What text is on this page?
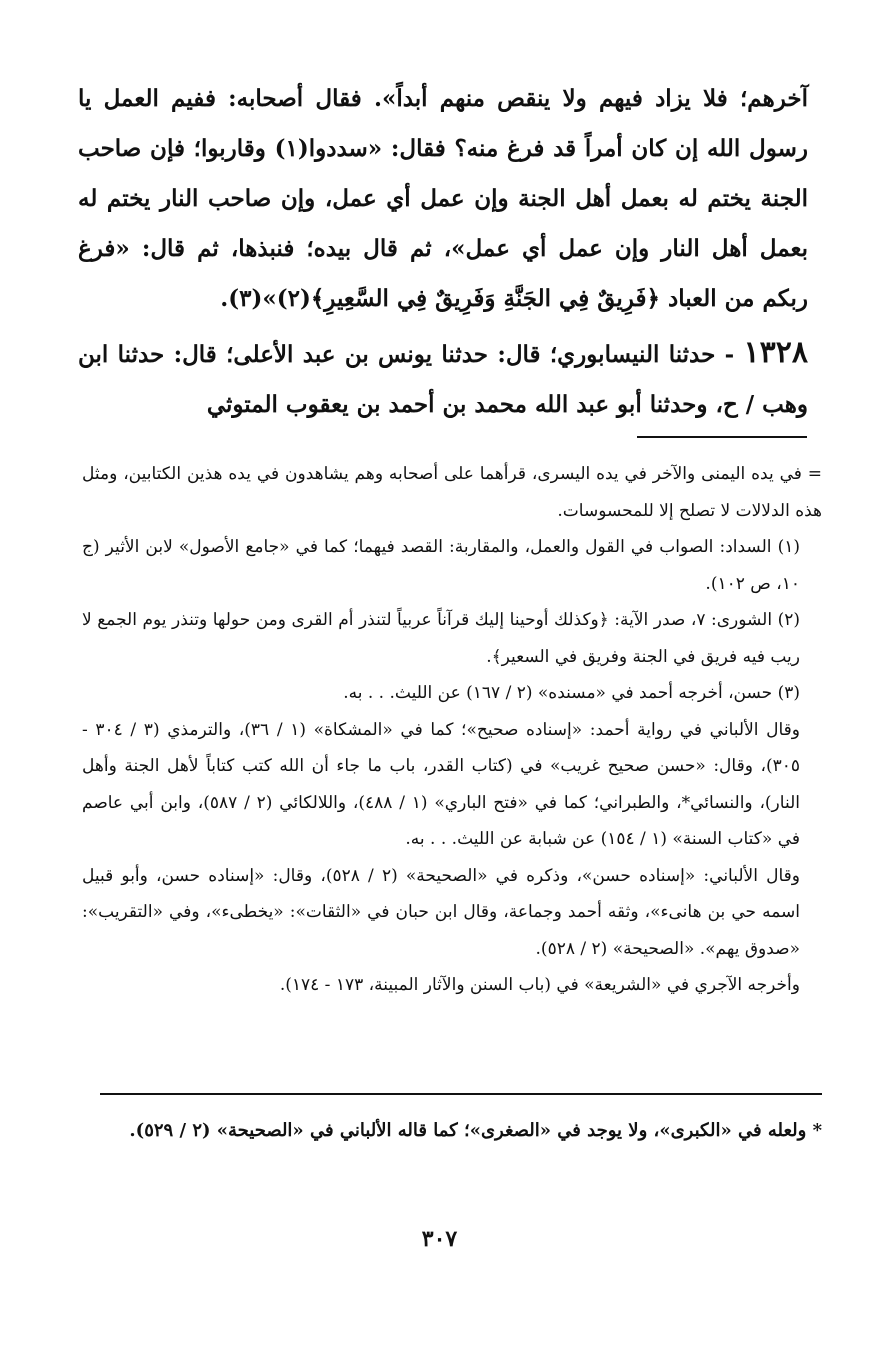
آخرهم؛ فلا يزاد فيهم ولا ينقص منهم أبداً». فقال أصحابه: ففيم العمل يا رسول الله إن كان أمراً قد فرغ منه؟ فقال: «سددوا(١) وقاربوا؛ فإن صاحب الجنة يختم له بعمل أهل الجنة وإن عمل أي عمل، وإن صاحب النار يختم له بعمل أهل النار وإن عمل أي عمل»، ثم قال بيده؛ فنبذها، ثم قال: «فرغ ربكم من العباد ﴿فَرِيقٌ فِي الجَنَّةِ وَفَرِيقٌ فِي السَّعِيرِ﴾(٢)»(٣).

١٣٢٨ - حدثنا النيسابوري؛ قال: حدثنا يونس بن عبد الأعلى؛ قال: حدثنا ابن وهب / ح، وحدثنا أبو عبد الله محمد بن أحمد بن يعقوب المتوثي

= في يده اليمنى والآخر في يده اليسرى، قرأهما على أصحابه وهم يشاهدون في يده هذين الكتابين، ومثل هذه الدلالات لا تصلح إلا للمحسوسات.

(١) السداد: الصواب في القول والعمل، والمقاربة: القصد فيهما؛ كما في «جامع الأصول» لابن الأثير (ج ١٠، ص ١٠٢).

(٢) الشورى: ٧، صدر الآية: ﴿وكذلك أوحينا إليك قرآناً عربياً لتنذر أم القرى ومن حولها وتنذر يوم الجمع لا ريب فيه فريق في الجنة وفريق في السعير﴾.

(٣) حسن، أخرجه أحمد في «مسنده» (٢ / ١٦٧) عن الليث. . . به.

وقال الألباني في رواية أحمد: «إسناده صحيح»؛ كما في «المشكاة» (١ / ٣٦)، والترمذي (٣ / ٣٠٤ - ٣٠٥)، وقال: «حسن صحيح غريب» في (كتاب القدر، باب ما جاء أن الله كتب كتاباً لأهل الجنة وأهل النار)، والنسائي*، والطبراني؛ كما في «فتح الباري» (١ / ٤٨٨)، واللالكائي (٢ / ٥٨٧)، وابن أبي عاصم في «كتاب السنة» (١ / ١٥٤) عن شبابة عن الليث. . . به.

وقال الألباني: «إسناده حسن»، وذكره في «الصحيحة» (٢ / ٥٢٨)، وقال: «إسناده حسن، وأبو قبيل اسمه حي بن هانىء»، وثقه أحمد وجماعة، وقال ابن حبان في «الثقات»: «يخطىء»، وفي «التقريب»: «صدوق يهم». «الصحيحة» (٢ / ٥٢٨).

وأخرجه الآجري في «الشريعة» في (باب السنن والآثار المبينة، ١٧٣ - ١٧٤).

* ولعله في «الكبرى»، ولا يوجد في «الصغرى»؛ كما قاله الألباني في «الصحيحة» (٢ / ٥٢٩).

٣٠٧
